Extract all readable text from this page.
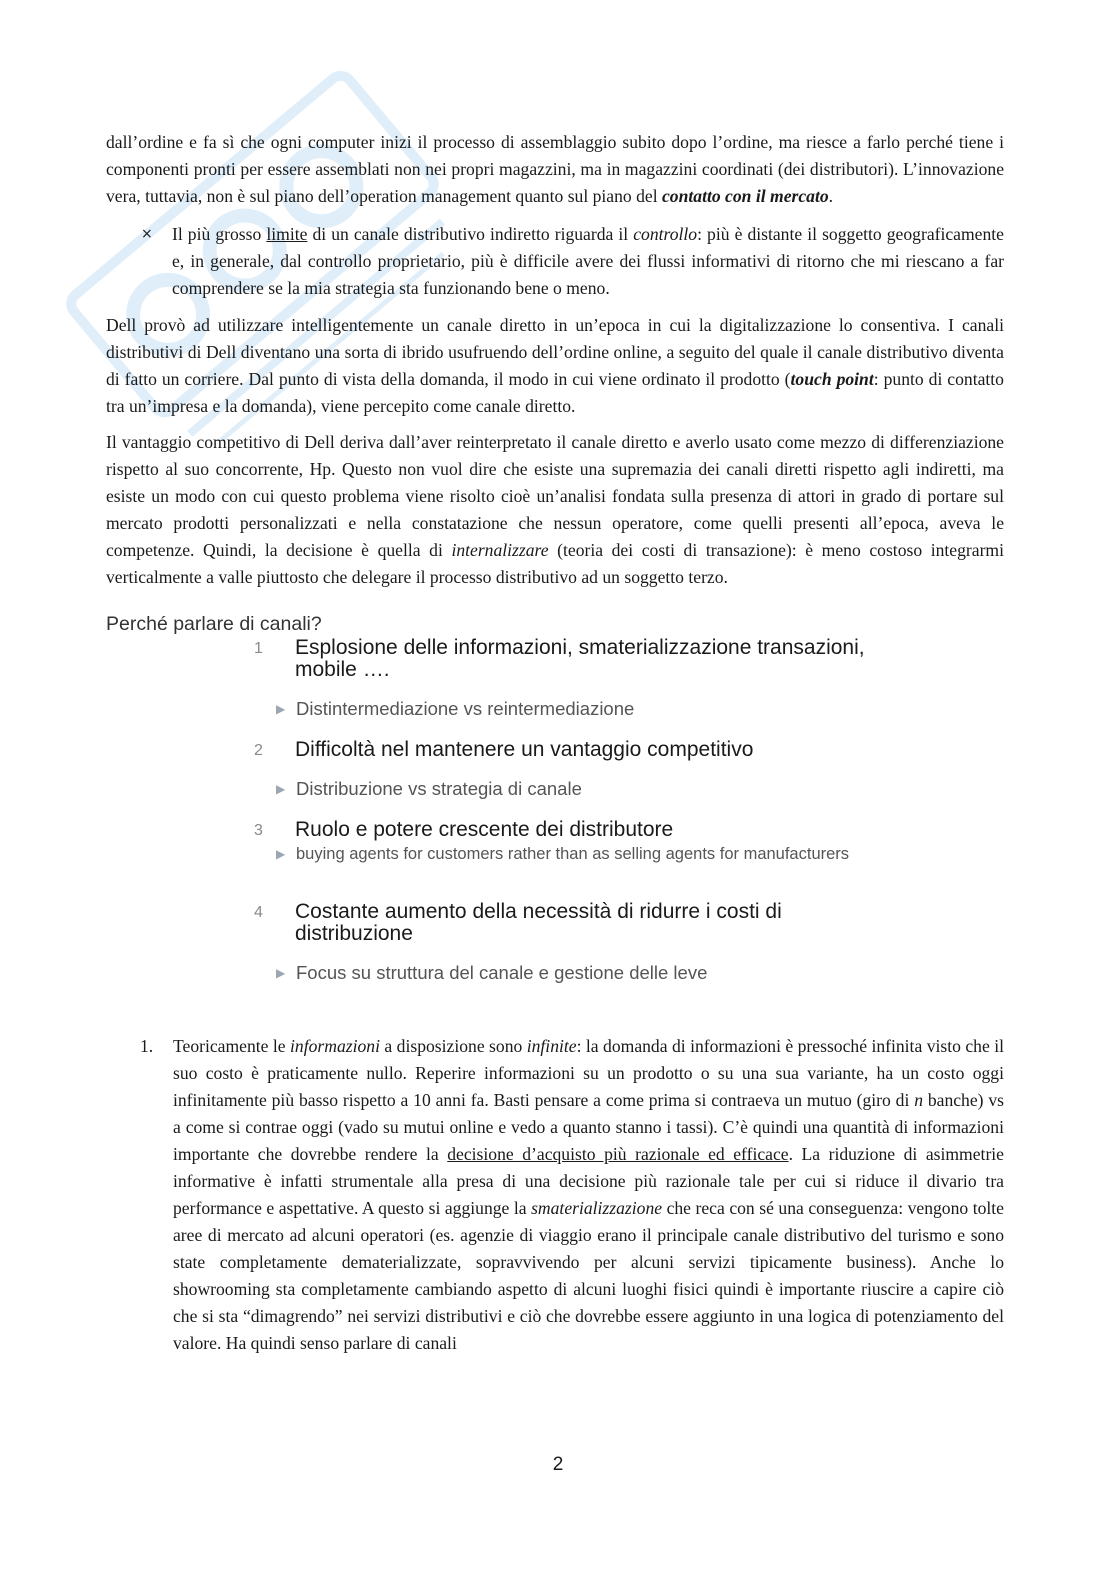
dall’ordine e fa sì che ogni computer inizi il processo di assemblaggio subito dopo l’ordine, ma riesce a farlo perché tiene i componenti pronti per essere assemblati non nei propri magazzini, ma in magazzini coordinati (dei distributori). L’innovazione vera, tuttavia, non è sul piano dell’operation management quanto sul piano del contatto con il mercato.

× Il più grosso limite di un canale distributivo indiretto riguarda il controllo: più è distante il soggetto geograficamente e, in generale, dal controllo proprietario, più è difficile avere dei flussi informativi di ritorno che mi riescano a far comprendere se la mia strategia sta funzionando bene o meno.

Dell provò ad utilizzare intelligentemente un canale diretto in un’epoca in cui la digitalizzazione lo consentiva. I canali distributivi di Dell diventano una sorta di ibrido usufruendo dell’ordine online, a seguito del quale il canale distributivo diventa di fatto un corriere. Dal punto di vista della domanda, il modo in cui viene ordinato il prodotto (touch point: punto di contatto tra un’impresa e la domanda), viene percepito come canale diretto.

Il vantaggio competitivo di Dell deriva dall’aver reinterpretato il canale diretto e averlo usato come mezzo di differenziazione rispetto al suo concorrente, Hp. Questo non vuol dire che esiste una supremazia dei canali diretti rispetto agli indiretti, ma esiste un modo con cui questo problema viene risolto cioè un’analisi fondata sulla presenza di attori in grado di portare sul mercato prodotti personalizzati e nella constatazione che nessun operatore, come quelli presenti all’epoca, aveva le competenze. Quindi, la decisione è quella di internalizzare (teoria dei costi di transazione): è meno costoso integrarmi verticalmente a valle piuttosto che delegare il processo distributivo ad un soggetto terzo.

Perché parlare di canali?
1	Esplosione delle informazioni, smaterializzazione transazioni, mobile ….
▶ Distintermediazione vs reintermediazione
2	Difficoltà nel mantenere un vantaggio competitivo
▶ Distribuzione vs strategia di canale
3	Ruolo e potere crescente dei distributore
▶ buying agents for customers rather than as selling agents for manufacturers
4	Costante aumento della necessità di ridurre i costi di distribuzione
▶ Focus su struttura del canale e gestione delle leve
1. Teoricamente le informazioni a disposizione sono infinite: la domanda di informazioni è pressoché infinita visto che il suo costo è praticamente nullo. Reperire informazioni su un prodotto o su una sua variante, ha un costo oggi infinitamente più basso rispetto a 10 anni fa. Basti pensare a come prima si contraeva un mutuo (giro di n banche) vs a come si contrae oggi (vado su mutui online e vedo a quanto stanno i tassi). C’è quindi una quantità di informazioni importante che dovrebbe rendere la decisione d’acquisto più razionale ed efficace. La riduzione di asimmetrie informative è infatti strumentale alla presa di una decisione più razionale tale per cui si riduce il divario tra performance e aspettative. A questo si aggiunge la smaterializzazione che reca con sé una conseguenza: vengono tolte aree di mercato ad alcuni operatori (es. agenzie di viaggio erano il principale canale distributivo del turismo e sono state completamente dematerializzate, sopravvivendo per alcuni servizi tipicamente business). Anche lo showrooming sta completamente cambiando aspetto di alcuni luoghi fisici quindi è importante riuscire a capire ciò che si sta “dimagrendo” nei servizi distributivi e ciò che dovrebbe essere aggiunto in una logica di potenziamento del valore. Ha quindi senso parlare di canali

2
